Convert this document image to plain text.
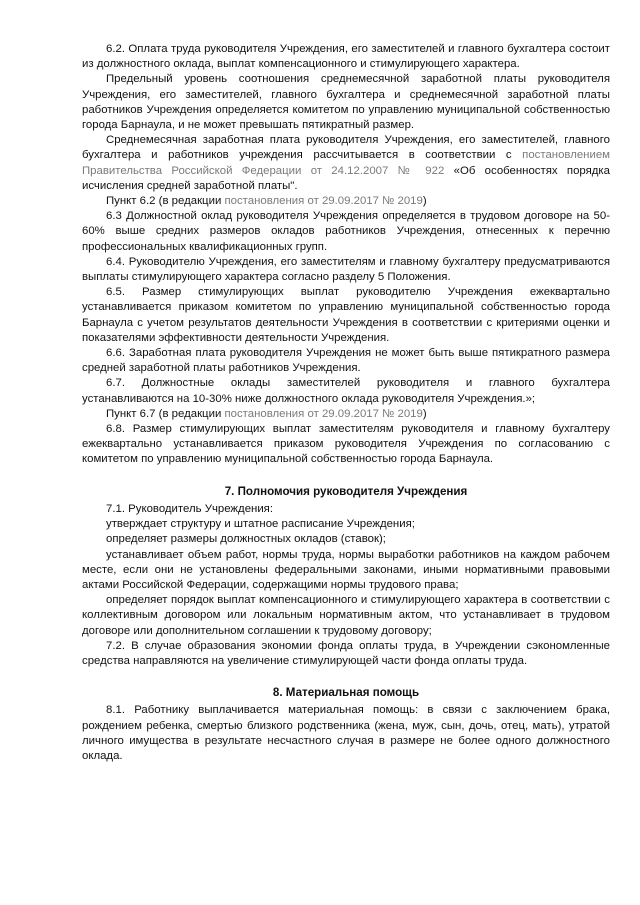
6.2. Оплата труда руководителя Учреждения, его заместителей и главного бухгалтера состоит из должностного оклада, выплат компенсационного и стимулирующего характера.

Предельный уровень соотношения среднемесячной заработной платы руководителя Учреждения, его заместителей, главного бухгалтера и среднемесячной заработной платы работников Учреждения определяется комитетом по управлению муниципальной собственностью города Барнаула, и не может превышать пятикратный размер.

Среднемесячная заработная плата руководителя Учреждения, его заместителей, главного бухгалтера и работников учреждения рассчитывается в соответствии с постановлением Правительства Российской Федерации от 24.12.2007 № 922 «Об особенностях порядка исчисления средней заработной платы".

Пункт 6.2 (в редакции постановления от 29.09.2017 № 2019)

6.3 Должностной оклад руководителя Учреждения определяется в трудовом договоре на 50-60% выше средних размеров окладов работников Учреждения, отнесенных к перечню профессиональных квалификационных групп.

6.4. Руководителю Учреждения, его заместителям и главному бухгалтеру предусматриваются выплаты стимулирующего характера согласно разделу 5 Положения.

6.5. Размер стимулирующих выплат руководителю Учреждения ежеквартально устанавливается приказом комитетом по управлению муниципальной собственностью города Барнаула с учетом результатов деятельности Учреждения в соответствии с критериями оценки и показателями эффективности деятельности Учреждения.

6.6. Заработная плата руководителя Учреждения не может быть выше пятикратного размера средней заработной платы работников Учреждения.

6.7. Должностные оклады заместителей руководителя и главного бухгалтера устанавливаются на 10-30% ниже должностного оклада руководителя Учреждения.»;

Пункт 6.7 (в редакции постановления от 29.09.2017 № 2019)

6.8. Размер стимулирующих выплат заместителям руководителя и главному бухгалтеру ежеквартально устанавливается приказом руководителя Учреждения по согласованию с комитетом по управлению муниципальной собственностью города Барнаула.

7. Полномочия руководителя Учреждения

7.1. Руководитель Учреждения:

утверждает структуру и штатное расписание Учреждения;

определяет размеры должностных окладов (ставок);

устанавливает объем работ, нормы труда, нормы выработки работников на каждом рабочем месте, если они не установлены федеральными законами, иными нормативными правовыми актами Российской Федерации, содержащими нормы трудового права;

определяет порядок выплат компенсационного и стимулирующего характера в соответствии с коллективным договором или локальным нормативным актом, что устанавливает в трудовом договоре или дополнительном соглашении к трудовому договору;

7.2. В случае образования экономии фонда оплаты труда, в Учреждении сэкономленные средства направляются на увеличение стимулирующей части фонда оплаты труда.

8. Материальная помощь

8.1. Работнику выплачивается материальная помощь: в связи с заключением брака, рождением ребенка, смертью близкого родственника (жена, муж, сын, дочь, отец, мать), утратой личного имущества в результате несчастного случая в размере не более одного должностного оклада.
